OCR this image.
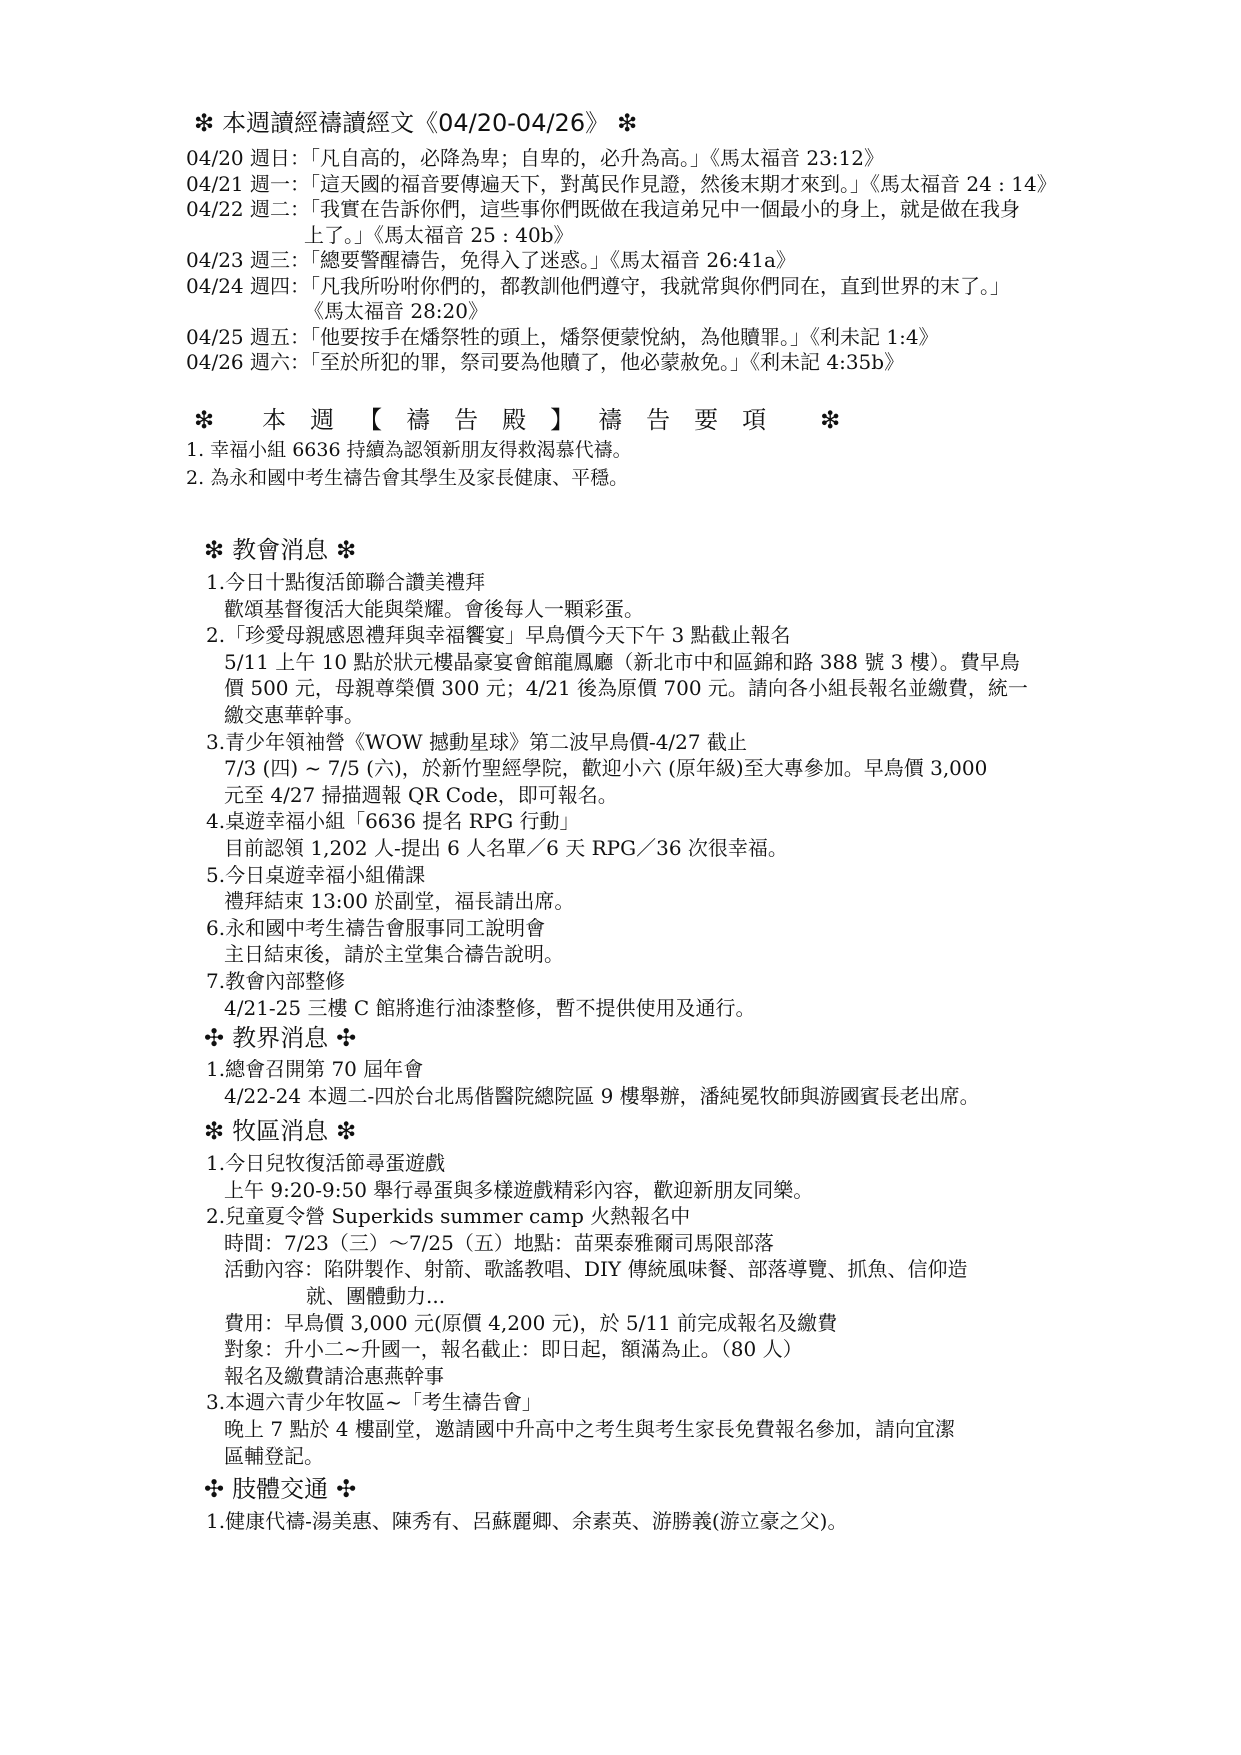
❇ 本週讀經禱讀經文《04/20-04/26》 ❇
04/20 週日：「凡自高的，必降為卑；自卑的，必升為高。」《馬太福音 23:12》
04/21 週一：「這天國的福音要傳遍天下，對萬民作見證，然後末期才來到。」《馬太福音 24 : 14》
04/22 週二：「我實在告訴你們，這些事你們既做在我這弟兄中一個最小的身上，就是做在我身
上了。」《馬太福音 25 : 40b》
04/23 週三：「總要警醒禱告，免得入了迷惑。」《馬太福音 26:41a》
04/24 週四：「凡我所吩咐你們的，都教訓他們遵守，我就常與你們同在，直到世界的末了。」
《馬太福音 28:20》
04/25 週五：「他要按手在燔祭牲的頭上，燔祭便蒙悅納，為他贖罪。」《利未記 1:4》
04/26 週六：「至於所犯的罪，祭司要為他贖了，他必蒙赦免。」《利未記 4:35b》
❇ 本週【禱告殿】禱告要項 ❇
1. 幸福小組 6636 持續為認領新朋友得救渴慕代禱。
2. 為永和國中考生禱告會其學生及家長健康、平穩。
❇ 教會消息 ❇
1.今日十點復活節聯合讚美禮拜
歡頌基督復活大能與榮耀。會後每人一顆彩蛋。
2.「珍愛母親感恩禮拜與幸福饗宴」早鳥價今天下午 3 點截止報名
5/11 上午 10 點於狀元樓晶豪宴會館龍鳳廳（新北市中和區錦和路 388 號 3 樓）。費早鳥
價 500 元，母親尊榮價 300 元；4/21 後為原價 700 元。請向各小組長報名並繳費，統一
繳交惠華幹事。
3.青少年領袖營《WOW 撼動星球》第二波早鳥價-4/27 截止
7/3 (四) ~ 7/5 (六)，於新竹聖經學院，歡迎小六 (原年級)至大專參加。早鳥價 3,000
元至 4/27 掃描週報 QR Code，即可報名。
4.桌遊幸福小組「6636 提名 RPG 行動」
目前認領 1,202 人-提出 6 人名單／6 天 RPG／36 次很幸福。
5.今日桌遊幸福小組備課
禮拜結束 13:00 於副堂，福長請出席。
6.永和國中考生禱告會服事同工說明會
主日結束後，請於主堂集合禱告說明。
7.教會內部整修
4/21-25 三樓 C 館將進行油漆整修，暫不提供使用及通行。
✣ 教界消息 ✣
1.總會召開第 70 屆年會
4/22-24 本週二-四於台北馬偕醫院總院區 9 樓舉辦，潘純冕牧師與游國賓長老出席。
❇ 牧區消息 ❇
1.今日兒牧復活節尋蛋遊戲
上午 9:20-9:50 舉行尋蛋與多樣遊戲精彩內容，歡迎新朋友同樂。
2.兒童夏令營 Superkids summer camp 火熱報名中
時間：7/23（三）～7/25（五）地點：苗栗泰雅爾司馬限部落
活動內容：陷阱製作、射箭、歌謠教唱、DIY 傳統風味餐、部落導覽、抓魚、信仰造
就、團體動力...
費用：早鳥價 3,000 元(原價 4,200 元)，於 5/11 前完成報名及繳費
對象：升小二~升國一，報名截止：即日起，額滿為止。（80 人）
報名及繳費請洽惠燕幹事
3.本週六青少年牧區~「考生禱告會」
晚上 7 點於 4 樓副堂，邀請國中升高中之考生與考生家長免費報名參加，請向宜潔
區輔登記。
✣ 肢體交通 ✣
1.健康代禱-湯美惠、陳秀有、呂蘇麗卿、余素英、游勝義(游立豪之父)。
